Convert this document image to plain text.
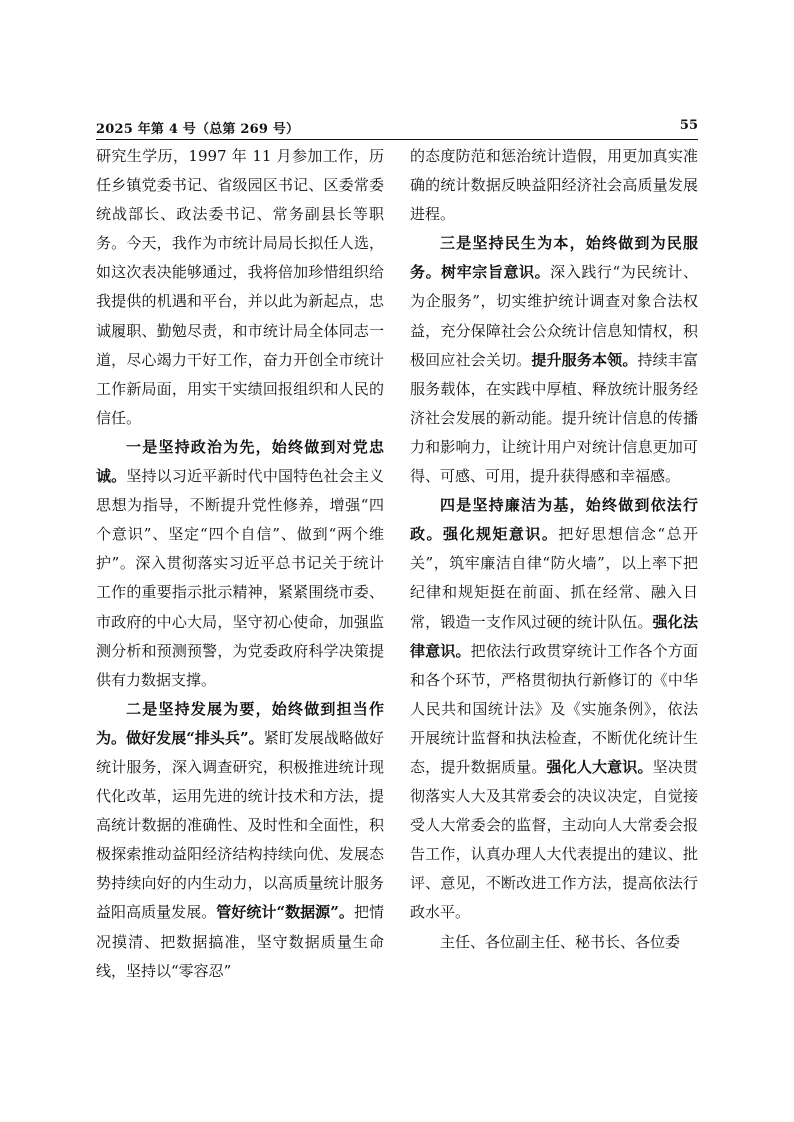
2025 年第 4 号（总第 269 号）	55

研究生学历，1997 年 11 月参加工作，历任乡镇党委书记、省级园区书记、区委常委统战部长、政法委书记、常务副县长等职务。今天，我作为市统计局局长拟任人选，如这次表决能够通过，我将倍加珍惜组织给我提供的机遇和平台，并以此为新起点，忠诚履职、勤勉尽责，和市统计局全体同志一道，尽心竭力干好工作，奋力开创全市统计工作新局面，用实干实绩回报组织和人民的信任。

一是坚持政治为先，始终做到对党忠诚。坚持以习近平新时代中国特色社会主义思想为指导，不断提升党性修养，增强“四个意识”、坚定“四个自信”、做到“两个维护”。深入贯彻落实习近平总书记关于统计工作的重要指示批示精神，紧紧围绕市委、市政府的中心大局，坚守初心使命，加强监测分析和预测预警，为党委政府科学决策提供有力数据支撑。

二是坚持发展为要，始终做到担当作为。做好发展“排头兵”。紧盯发展战略做好统计服务，深入调查研究，积极推进统计现代化改革，运用先进的统计技术和方法，提高统计数据的准确性、及时性和全面性，积极探索推动益阳经济结构持续向优、发展态势持续向好的内生动力，以高质量统计服务益阳高质量发展。管好统计“数据源”。把情况摸清、把数据搞准，坚守数据质量生命线，坚持以“零容忍”

的态度防范和惩治统计造假，用更加真实准确的统计数据反映益阳经济社会高质量发展进程。

三是坚持民生为本，始终做到为民服务。树牢宗旨意识。深入践行“为民统计、为企服务”，切实维护统计调查对象合法权益，充分保障社会公众统计信息知情权，积极回应社会关切。提升服务本领。持续丰富服务载体，在实践中厚植、释放统计服务经济社会发展的新动能。提升统计信息的传播力和影响力，让统计用户对统计信息更加可得、可感、可用，提升获得感和幸福感。

四是坚持廉洁为基，始终做到依法行政。强化规矩意识。把好思想信念“总开关”，筑牢廉洁自律“防火墙”，以上率下把纪律和规矩挺在前面、抓在经常、融入日常，锻造一支作风过硬的统计队伍。强化法律意识。把依法行政贯穿统计工作各个方面和各个环节，严格贯彻执行新修订的《中华人民共和国统计法》及《实施条例》，依法开展统计监督和执法检查，不断优化统计生态，提升数据质量。强化人大意识。坚决贯彻落实人大及其常委会的决议决定，自觉接受人大常委会的监督，主动向人大常委会报告工作，认真办理人大代表提出的建议、批评、意见，不断改进工作方法，提高依法行政水平。

主任、各位副主任、秘书长、各位委
